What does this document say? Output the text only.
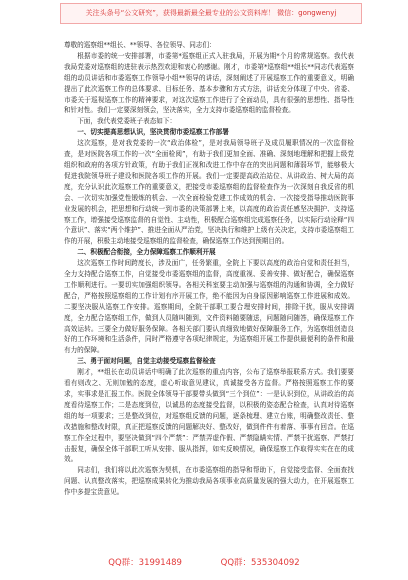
关注头条号“公文研究”，获得最新最全最专业的公文资料库！ 微信：gongwenyj

尊敬的巡察组**组长、**领导、各位领导、同志们：

根据市委的统一安排部署，市委第*巡察组正式入驻我局，开展为期*个月的常规巡察。我代表我局党委对巡察组的进驻表示热烈欢迎和衷心的感谢。刚才，市委第*巡察组**组长**同志代表巡察组的动员讲话和市委巡察工作领导小组**领导的讲话，深刻阐述了开展巡察工作的重要意义，明确提出了此次巡察工作的总体要求、目标任务、基本步骤和方式方法，讲话充分体现了中央、省委、市委关于巡视巡察工作的精神要求，对这次巡察工作进行了全面动员，具有很强的思想性、指导性和针对性。我们一定要深刻领会，坚决落实，全力支持市委巡察组的监督检查。

下面，我代表党委班子表态如下：

一、切实提高思想认识，坚决贯彻市委巡察工作部署

这次巡察，是对我党委的一次“政治体检”，是对我局领导班子及成员履职情况的一次监督检查，是对医院各项工作的一次“全面检阅”，有助于我们更加全面、准确、深刻地理解和把握上级党组织和政府的各项方针政策，有助于我们正视和改进工作中存在的突出问题和薄弱环节，能够极大促进我院领导班子建设和医院各项工作的开展。我们一定要提高政治站位、从讲政治、树大局的高度，充分认识此次巡察工作的重要意义，把接受市委巡察组的监督检查作为一次深刻自我反省的机会、一次切实加强党性锻炼的机会、一次全面检验党建工作成效的机会、一次接受指导推动医院事业发展的机会，把思想和行动统一到市委的决策部署上来，以高度的政治责任感坚决拥护、支持巡察工作，增强接受巡察监督的自觉性、主动性，积极配合巡察组完成巡察任务，以实际行动诠释“四个意识”、落实“两个维护”、推进全面从严治党，坚决执行和维护上级有关决定，支持市委巡察组工作的开展，积极主动地接受巡察组的监督检查，确保巡察工作达到预期目的。

二、积极配合衔接，全力保障巡察工作顺利开展

这次巡察工作时间跨度长，涉及面广，任务繁重，全院上下要以高度的政治自觉和责任担当，全力支持配合巡察工作，自觉接受市委巡察组的监督，高度重视、妥善安排、做好配合，确保巡察工作顺利进行。一要切实加强组织领导。各相关科室要主动加强与巡察组的沟通和协调，全力做好配合，严格按照巡察组的工作计划有序开展工作，绝不能因为自身原因影响巡察工作进展和成效。二要坚决服从巡察工作安排。巡察期间，全院干部职工要合理安排时间，排除干扰，服从安排调度，全力配合巡察组工作，做到人员随叫随到，文件资料随要随送，问题随问随答，确保巡察工作高效运转。三要全力做好服务保障。各相关部门要认真细致地做好保障服务工作，为巡察组创造良好的工作环境和生活条件，同时严格遵守各项纪律规定，为巡察组开展工作提供最便利的条件和最有力的保障。

三、勇于面对问题，自觉主动接受巡察监督检查

刚才，**组长在动员讲话中明确了此次巡察的重点内容，公布了巡察举报联系方式。我们要要看有则改之、无则加勉的态度，虚心听取意见建议，真诚接受各方监督。严格按照巡察工作的要求，实事求是汇报工作。医院全体领导干部要带头做到“三个到位”：一是认识到位，从讲政治的高度看待巡察工作；二是态度到位，以诚恳的态度接受监督，以积极的姿态配合检查，认真对待巡察组的每一项要求；三是整改到位，对巡察组反馈的问题，逐条梳理、建立台账，明确整改责任、整改措施和整改时限，真正把巡察反馈的问题解决好、整改好，做到件件有着落、事事有回音。在巡察工作全过程中，要坚决做到“四个严禁”：严禁弄虚作假、严禁隐瞒实情、严禁干扰巡察、严禁打击报复，确保全体干部职工听从安排、服从指挥，如实反映情况，确保巡察工作取得实实在在的成效。

同志们，我们将以此次巡察为契机，在市委巡察组的指导和帮助下，自觉接受监督、全面查找问题、认真整改落实，把巡察成果转化为推动我局各项事业高质量发展的强大动力，在开展巡察工作中多提宝贵意见。

QQ群：31991489	QQ群：535304092
